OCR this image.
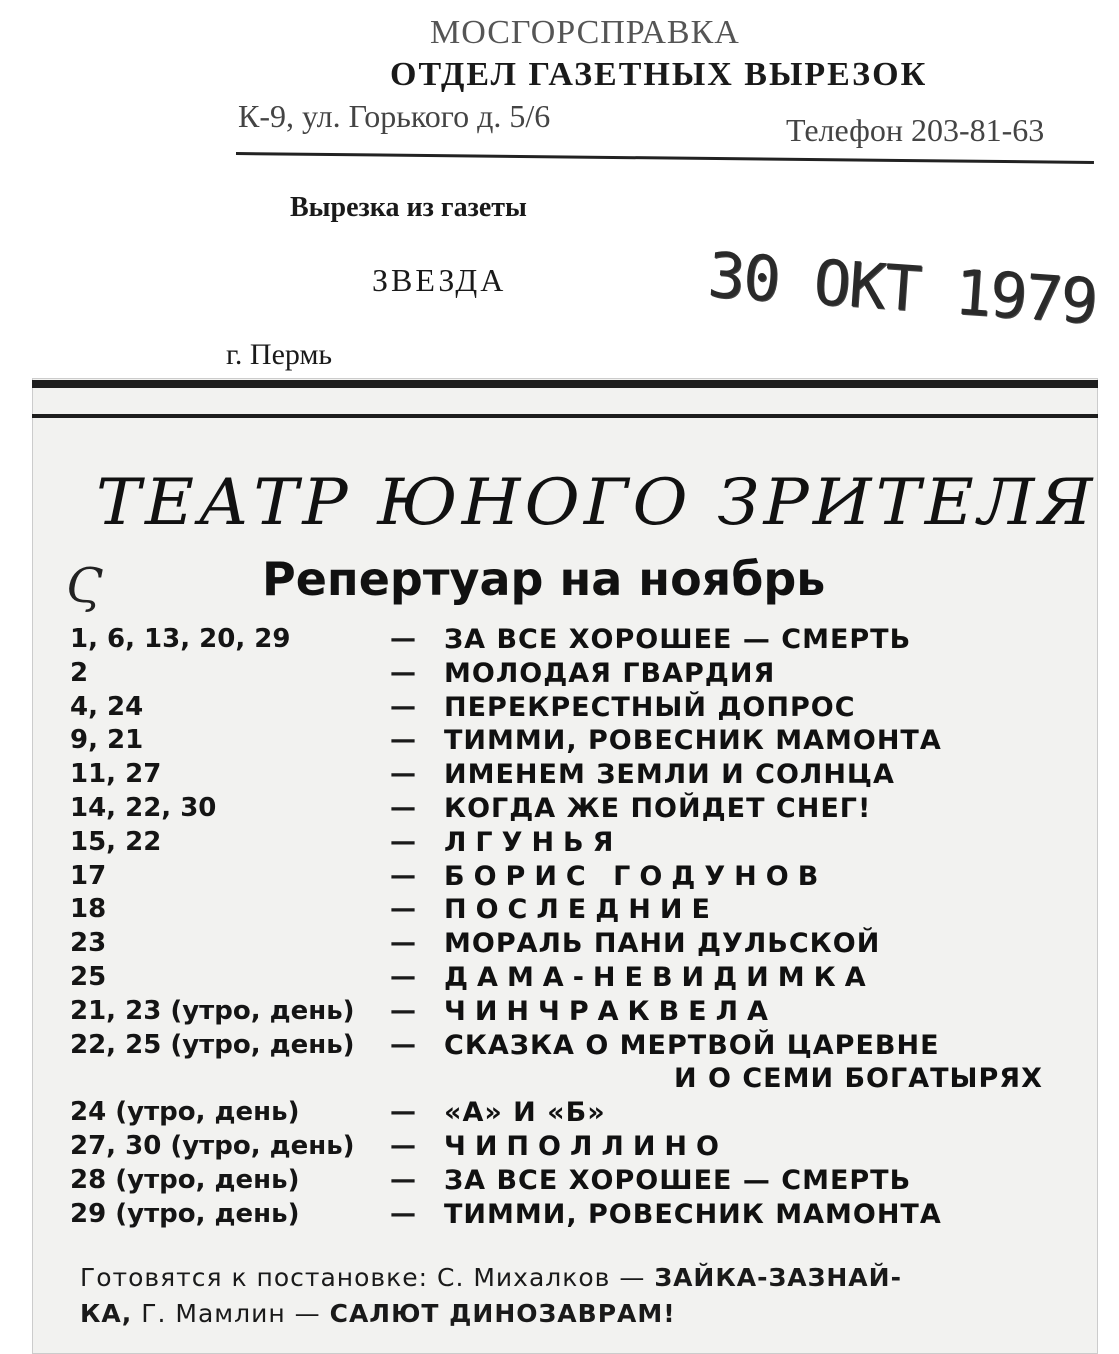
МОСГОРСПРАВКА
ОТДЕЛ ГАЗЕТНЫХ ВЫРЕЗОК
К-9, ул. Горького д. 5/6	Телефон 203-81-63
Вырезка из газеты
ЗВЕЗДА
г. Пермь
30 ОКТ 1979
ТЕАТР ЮНОГО ЗРИТЕЛЯ
Ϛ	Репертуар на ноябрь
1, 6, 13, 20, 29	— ЗА ВСЕ ХОРОШЕЕ — СМЕРТЬ
2	— МОЛОДАЯ ГВАРДИЯ
4, 24	— ПЕРЕКРЕСТНЫЙ ДОПРОС
9, 21	— ТИММИ, РОВЕСНИК МАМОНТА
11, 27	— ИМЕНЕМ ЗЕМЛИ И СОЛНЦА
14, 22, 30	— КОГДА ЖЕ ПОЙДЕТ СНЕГ!
15, 22	— ЛГУНЬЯ
17	— БОРИС ГОДУНОВ
18	— ПОСЛЕДНИЕ
23	— МОРАЛЬ ПАНИ ДУЛЬСКОЙ
25	— ДАМА-НЕВИДИМКА
21, 23 (утро, день) — ЧИНЧРАКВЕЛА
22, 25 (утро, день) — СКАЗКА О МЕРТВОЙ ЦАРЕВНЕ
И О СЕМИ БОГАТЫРЯХ
24 (утро, день)	— «А» И «Б»
27, 30 (утро, день) — ЧИПОЛЛИНО
28 (утро, день)	— ЗА ВСЕ ХОРОШЕЕ — СМЕРТЬ
29 (утро, день)	— ТИММИ, РОВЕСНИК МАМОНТА
Готовятся к постановке: С. Михалков — ЗАЙКА-ЗАЗНАЙ-
КА, Г. Мамлин — САЛЮТ ДИНОЗАВРАМ!
